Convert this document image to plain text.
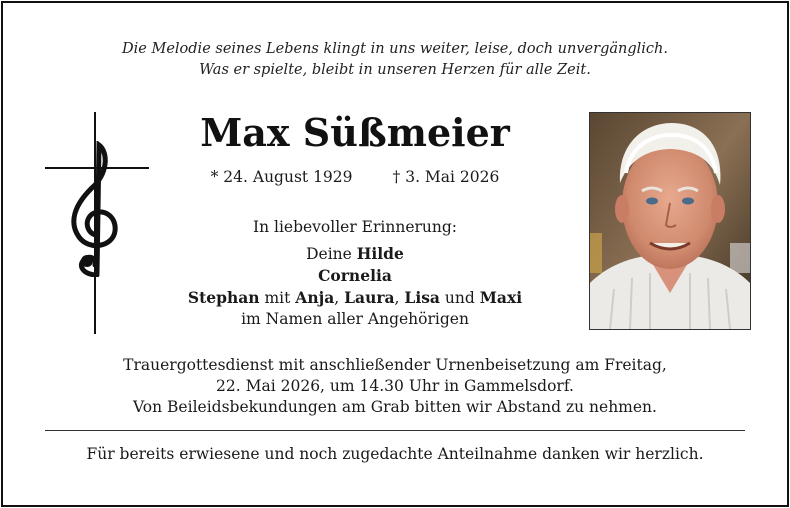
Die Melodie seines Lebens klingt in uns weiter, leise, doch unvergänglich.
Was er spielte, bleibt in unseren Herzen für alle Zeit.
Max Süßmeier
* 24. August 1929	† 3. Mai 2026
In liebevoller Erinnerung:
Deine Hilde
Cornelia
Stephan mit Anja, Laura, Lisa und Maxi
im Namen aller Angehörigen
Trauergottesdienst mit anschließender Urnenbeisetzung am Freitag,
22. Mai 2026, um 14.30 Uhr in Gammelsdorf.
Von Beileidsbekundungen am Grab bitten wir Abstand zu nehmen.
Für bereits erwiesene und noch zugedachte Anteilnahme danken wir herzlich.
